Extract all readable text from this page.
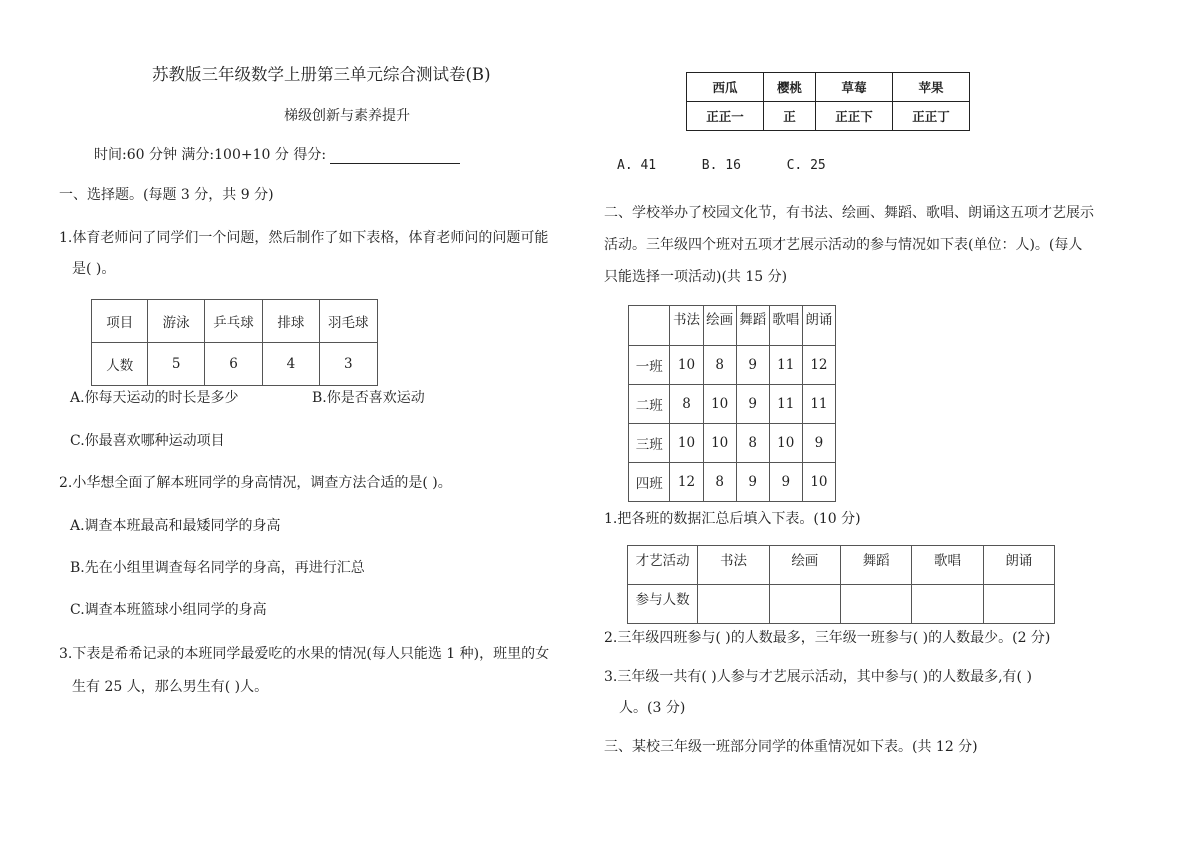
苏教版三年级数学上册第三单元综合测试卷(B)
梯级创新与素养提升
时间:60 分钟 满分:100+10 分 得分:
一、选择题。(每题 3 分，共 9 分)
1.体育老师问了同学们一个问题，然后制作了如下表格，体育老师问的问题可能
是( )。
项目	游泳	乒乓球	排球	羽毛球
人数	5	6	4	3
A.你每天运动的时长是多少	B.你是否喜欢运动
C.你最喜欢哪种运动项目
2.小华想全面了解本班同学的身高情况，调查方法合适的是( )。
A.调查本班最高和最矮同学的身高
B.先在小组里调查每名同学的身高，再进行汇总
C.调查本班篮球小组同学的身高
3.下表是希希记录的本班同学最爱吃的水果的情况(每人只能选 1 种)，班里的女
生有 25 人，那么男生有( )人。
西瓜	樱桃	草莓	苹果
正正一	正	正正下	正正丁
A. 41	B. 16	C. 25
二、学校举办了校园文化节，有书法、绘画、舞蹈、歌唱、朗诵这五项才艺展示
活动。三年级四个班对五项才艺展示活动的参与情况如下表(单位：人)。(每人
只能选择一项活动)(共 15 分)
	书法	绘画	舞蹈	歌唱	朗诵
一班	10	8	9	11	12
二班	8	10	9	11	11
三班	10	10	8	10	9
四班	12	8	9	9	10
1.把各班的数据汇总后填入下表。(10 分)
才艺活动	书法	绘画	舞蹈	歌唱	朗诵
参与人数					
2.三年级四班参与( )的人数最多，三年级一班参与( )的人数最少。(2 分)
3.三年级一共有( )人参与才艺展示活动，其中参与( )的人数最多,有( )
人。(3 分)
三、某校三年级一班部分同学的体重情况如下表。(共 12 分)
